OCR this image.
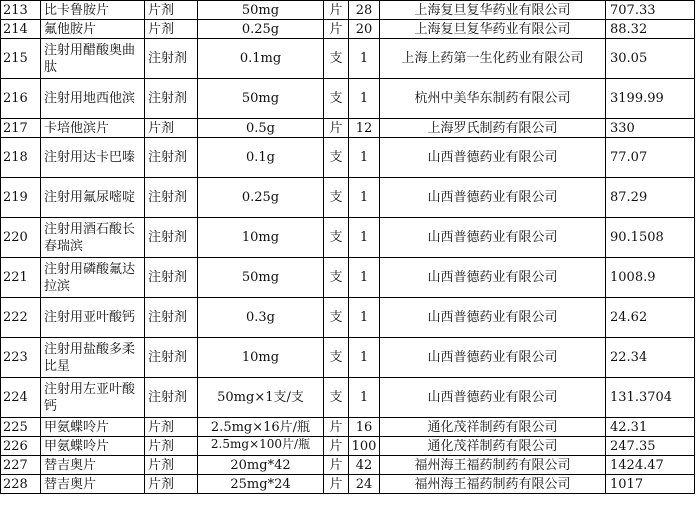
213	比卡鲁胺片	片剂	50mg	片	28	上海复旦复华药业有限公司	707.33
214	氟他胺片	片剂	0.25g	片	20	上海复旦复华药业有限公司	88.32
215	注射用醋酸奥曲肽	注射剂	0.1mg	支	1	上海上药第一生化药业有限公司	30.05
216	注射用地西他滨	注射剂	50mg	支	1	杭州中美华东制药有限公司	3199.99
217	卡培他滨片	片剂	0.5g	片	12	上海罗氏制药有限公司	330
218	注射用达卡巴嗪	注射剂	0.1g	支	1	山西普德药业有限公司	77.07
219	注射用氟尿嘧啶	注射剂	0.25g	支	1	山西普德药业有限公司	87.29
220	注射用酒石酸长春瑞滨	注射剂	10mg	支	1	山西普德药业有限公司	90.1508
221	注射用磷酸氟达拉滨	注射剂	50mg	支	1	山西普德药业有限公司	1008.9
222	注射用亚叶酸钙	注射剂	0.3g	支	1	山西普德药业有限公司	24.62
223	注射用盐酸多柔比星	注射剂	10mg	支	1	山西普德药业有限公司	22.34
224	注射用左亚叶酸钙	注射剂	50mg×1支/支	支	1	山西普德药业有限公司	131.3704
225	甲氨蝶呤片	片剂	2.5mg×16片/瓶	片	16	通化茂祥制药有限公司	42.31
226	甲氨蝶呤片	片剂	2.5mg×100片/瓶	片	100	通化茂祥制药有限公司	247.35
227	替吉奥片	片剂	20mg*42	片	42	福州海王福药制药有限公司	1424.47
228	替吉奥片	片剂	25mg*24	片	24	福州海王福药制药有限公司	1017
